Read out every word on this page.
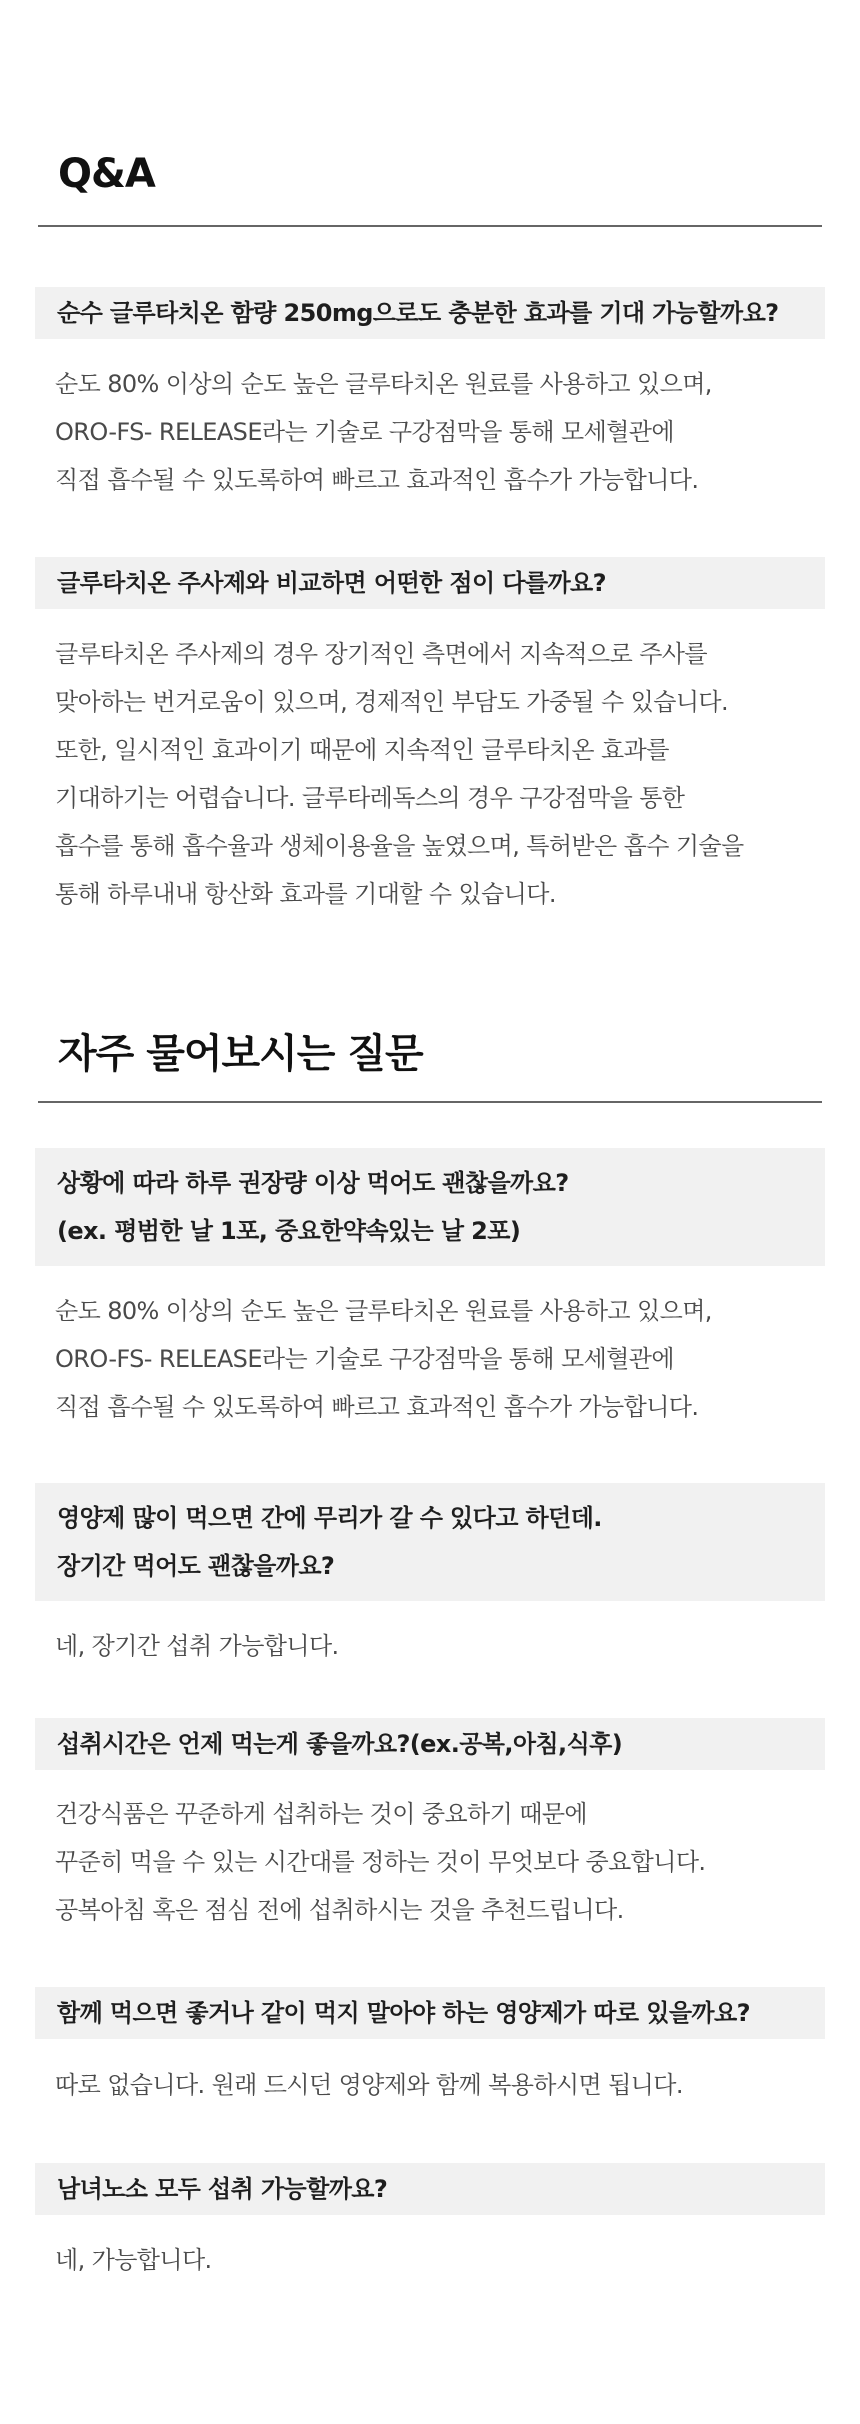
Q&A
순수 글루타치온 함량 250mg으로도 충분한 효과를 기대 가능할까요?
순도 80% 이상의 순도 높은 글루타치온 원료를 사용하고 있으며,
ORO-FS- RELEASE라는 기술로 구강점막을 통해 모세혈관에
직접 흡수될 수 있도록하여 빠르고 효과적인 흡수가 가능합니다.
글루타치온 주사제와 비교하면 어떤한 점이 다를까요?
글루타치온 주사제의 경우 장기적인 측면에서 지속적으로 주사를
맞아하는 번거로움이 있으며, 경제적인 부담도 가중될 수 있습니다.
또한, 일시적인 효과이기 때문에 지속적인 글루타치온 효과를
기대하기는 어렵습니다. 글루타레독스의 경우 구강점막을 통한
흡수를 통해 흡수율과 생체이용율을 높였으며, 특허받은 흡수 기술을
통해 하루내내 항산화 효과를 기대할 수 있습니다.
자주 물어보시는 질문
상황에 따라 하루 권장량 이상 먹어도 괜찮을까요?
(ex. 평범한 날 1포, 중요한약속있는 날 2포)
순도 80% 이상의 순도 높은 글루타치온 원료를 사용하고 있으며,
ORO-FS- RELEASE라는 기술로 구강점막을 통해 모세혈관에
직접 흡수될 수 있도록하여 빠르고 효과적인 흡수가 가능합니다.
영양제 많이 먹으면 간에 무리가 갈 수 있다고 하던데.
장기간 먹어도 괜찮을까요?
네, 장기간 섭취 가능합니다.
섭취시간은 언제 먹는게 좋을까요?(ex.공복,아침,식후)
건강식품은 꾸준하게 섭취하는 것이 중요하기 때문에
꾸준히 먹을 수 있는 시간대를 정하는 것이 무엇보다 중요합니다.
공복아침 혹은 점심 전에 섭취하시는 것을 추천드립니다.
함께 먹으면 좋거나 같이 먹지 말아야 하는 영양제가 따로 있을까요?
따로 없습니다. 원래 드시던 영양제와 함께 복용하시면 됩니다.
남녀노소 모두 섭취 가능할까요?
네, 가능합니다.
